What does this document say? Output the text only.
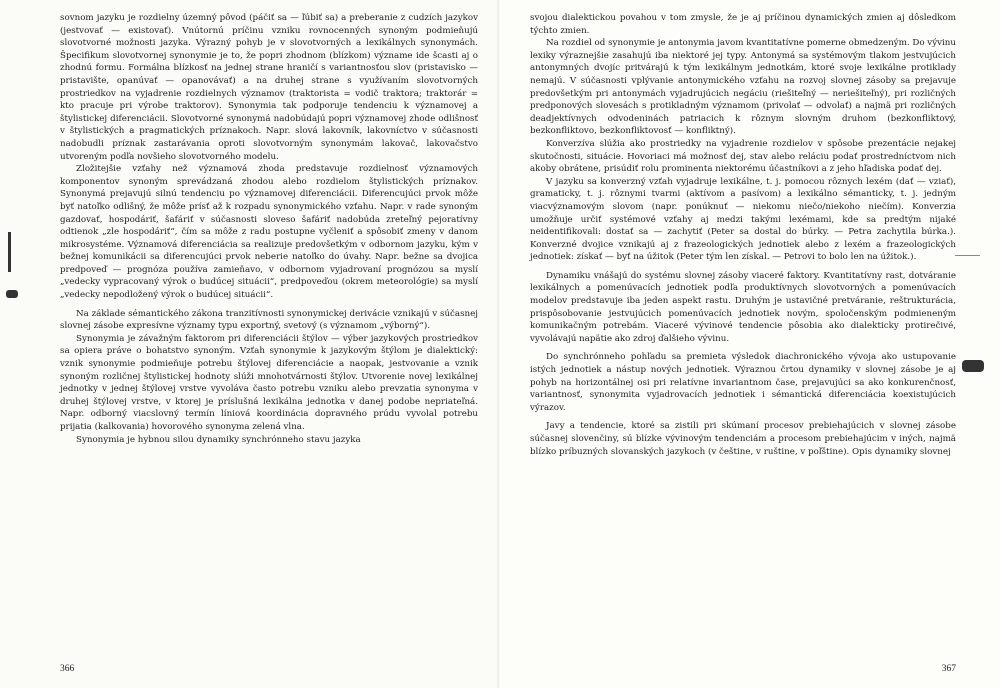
sovnom jazyku je rozdielny územný pôvod (páčiť sa — ľúbiť sa) a preberanie z cudzích jazykov (jestvovať — existovať). Vnútornú príčinu vzniku rovnocenných synoným podmieňujú slovotvorné možnosti jazyka. Výrazný pohyb je v slovotvorných a lexikálnych synonymách. Špecifikum slovotvornej synonymie je to, že popri zhodnom (blízkom) význame ide šcasti aj o zhodnú formu. Formálna blízkosť na jednej strane hraničí s variantnosťou slov (pristavisko — pristavište, opanúvať — opanovávať) a na druhej strane s využívaním slovotvorných prostriedkov na vyjadrenie rozdielnych významov (traktorista = vodič traktora; traktorár = kto pracuje pri výrobe traktorov). Synonymia tak podporuje tendenciu k významovej a štylistickej diferenciácii. Slovotvorné synonymá nadobúdajú popri významovej zhode odlišnosť v štylistických a pragmatických príznakoch. Napr. slová lakovník, lakovníctvo v súčasnosti nadobudli príznak zastarávania oproti slovotvorným synonymám lakovač, lakovačstvo utvoreným podľa novšieho slovotvorného modelu.

Zložitejšie vzťahy než významová zhoda predstavuje rozdielnosť významových komponentov synoným sprevádzaná zhodou alebo rozdielom štylistických príznakov. Synonymá prejavujú silnú tendenciu po významovej diferenciácii. Diferencujúci prvok môže byť natoľko odlišný, že môže prísť až k rozpadu synonymického vzťahu. Napr. v rade synoným gazdovať, hospodáriť, šafáriť v súčasnosti sloveso šafáriť nadobúda zreteľný pejoratívny odtienok „zle hospodáriť“, čím sa môže z radu postupne vyčleniť a spôsobiť zmeny v danom mikrosystéme. Významová diferenciácia sa realizuje predovšetkým v odbornom jazyku, kým v bežnej komunikácii sa diferencujúci prvok neberie natoľko do úvahy. Napr. bežne sa dvojica predpoveď — prognóza používa zamieňavo, v odbornom vyjadrovaní prognózou sa myslí „vedecky vypracovaný výrok o budúcej situácii“, predpoveďou (okrem meteorológie) sa myslí „vedecky nepodložený výrok o budúcej situácii“.

Na základe sémantického zákona tranzitívnosti synonymickej derivácie vznikajú v súčasnej slovnej zásobe expresívne významy typu exportný, svetový (s významom „výborný“).

Synonymia je závažným faktorom pri diferenciácii štýlov — výber jazykových prostriedkov sa opiera práve o bohatstvo synoným. Vzťah synonymie k jazykovým štýlom je dialektický: vznik synonymie podmieňuje potrebu štýlovej diferenciácie a naopak, jestvovanie a vznik synoným rozličnej štylistickej hodnoty slúži mnohotvárnosti štýlov. Utvorenie novej lexikálnej jednotky v jednej štýlovej vrstve vyvoláva často potrebu vzniku alebo prevzatia synonyma v druhej štýlovej vrstve, v ktorej je príslušná lexikálna jednotka v danej podobe nepriateľná. Napr. odborný viacslovný termín líniová koordinácia dopravného prúdu vyvolal potrebu prijatia (kalkovania) hovorového synonyma zelená vlna.

Synonymia je hybnou silou dynamiky synchrónneho stavu jazyka

366

svojou dialektickou povahou v tom zmysle, že je aj príčinou dynamických zmien aj dôsledkom týchto zmien.

Na rozdiel od synonymie je antonymia javom kvantitatívne pomerne obmedzeným. Do vývinu lexiky výraznejšie zasahujú iba niektoré jej typy. Antonymá sa systémovým tlakom jestvujúcich antonymných dvojíc pritvárajú k tým lexikálnym jednotkám, ktoré svoje lexikálne protiklady nemajú. V súčasnosti vplývanie antonymického vzťahu na rozvoj slovnej zásoby sa prejavuje predovšetkým pri antonymách vyjadrujúcich negáciu (riešiteľný — neriešiteľný), pri rozličných predponových slovesách s protikladným významom (privolať — odvolať) a najmä pri rozličných deadjektívnych odvodeninách patriacich k rôznym slovným druhom (bezkonfliktový, bezkonfliktovo, bezkonfliktovosť — konfliktný).

Konverzíva slúžia ako prostriedky na vyjadrenie rozdielov v spôsobe prezentácie nejakej skutočnosti, situácie. Hovoriaci má možnosť dej, stav alebo reláciu podať prostredníctvom nich akoby obrátene, prisúdiť rolu prominenta niektorému účastníkovi a z jeho hľadiska podať dej.

V jazyku sa konverzný vzťah vyjadruje lexikálne, t. j. pomocou rôznych lexém (dať — vziať), gramaticky, t. j. rôznymi tvarmi (aktívom a pasívom) a lexikálno sémanticky, t. j. jedným viacvýznamovým slovom (napr. ponúknuť — niekomu niečo/niekoho niečím). Konverzia umožňuje určiť systémové vzťahy aj medzi takými lexémami, kde sa predtým nijaké neidentifikovali: dostať sa — zachytiť (Peter sa dostal do búrky. — Petra zachytila búrka.). Konverzné dvojice vznikajú aj z frazeologických jednotiek alebo z lexém a frazeologických jednotiek: získať — byť na úžitok (Peter tým len získal. — Petrovi to bolo len na úžitok.).

Dynamiku vnášajú do systému slovnej zásoby viaceré faktory. Kvantitatívny rast, dotváranie lexikálnych a pomenúvacích jednotiek podľa produktívnych slovotvorných a pomenúvacích modelov predstavuje iba jeden aspekt rastu. Druhým je ustavičné pretváranie, reštrukturácia, prispôsobovanie jestvujúcich pomenúvacích jednotiek novým, spoločenským podmieneným komunikačným potrebám. Viaceré vývinové tendencie pôsobia ako dialekticky protirečivé, vyvolávajú napätie ako zdroj ďalšieho vývinu.

Do synchrónneho pohľadu sa premieta výsledok diachronického vývoja ako ustupovanie istých jednotiek a nástup nových jednotiek. Výraznou črtou dynamiky v slovnej zásobe je aj pohyb na horizontálnej osi pri relatívne invariantnom čase, prejavujúci sa ako konkurenčnosť, variantnosť, synonymita vyjadrovacích jednotiek i sémantická diferenciácia koexistujúcich výrazov.

Javy a tendencie, ktoré sa zistili pri skúmaní procesov prebiehajúcich v slovnej zásobe súčasnej slovenčiny, sú blízke vývinovým tendenciám a procesom prebiehajúcim v iných, najmä blízko príbuzných slovanských jazykoch (v češtine, v ruštine, v poľštine). Opis dynamiky slovnej

367
